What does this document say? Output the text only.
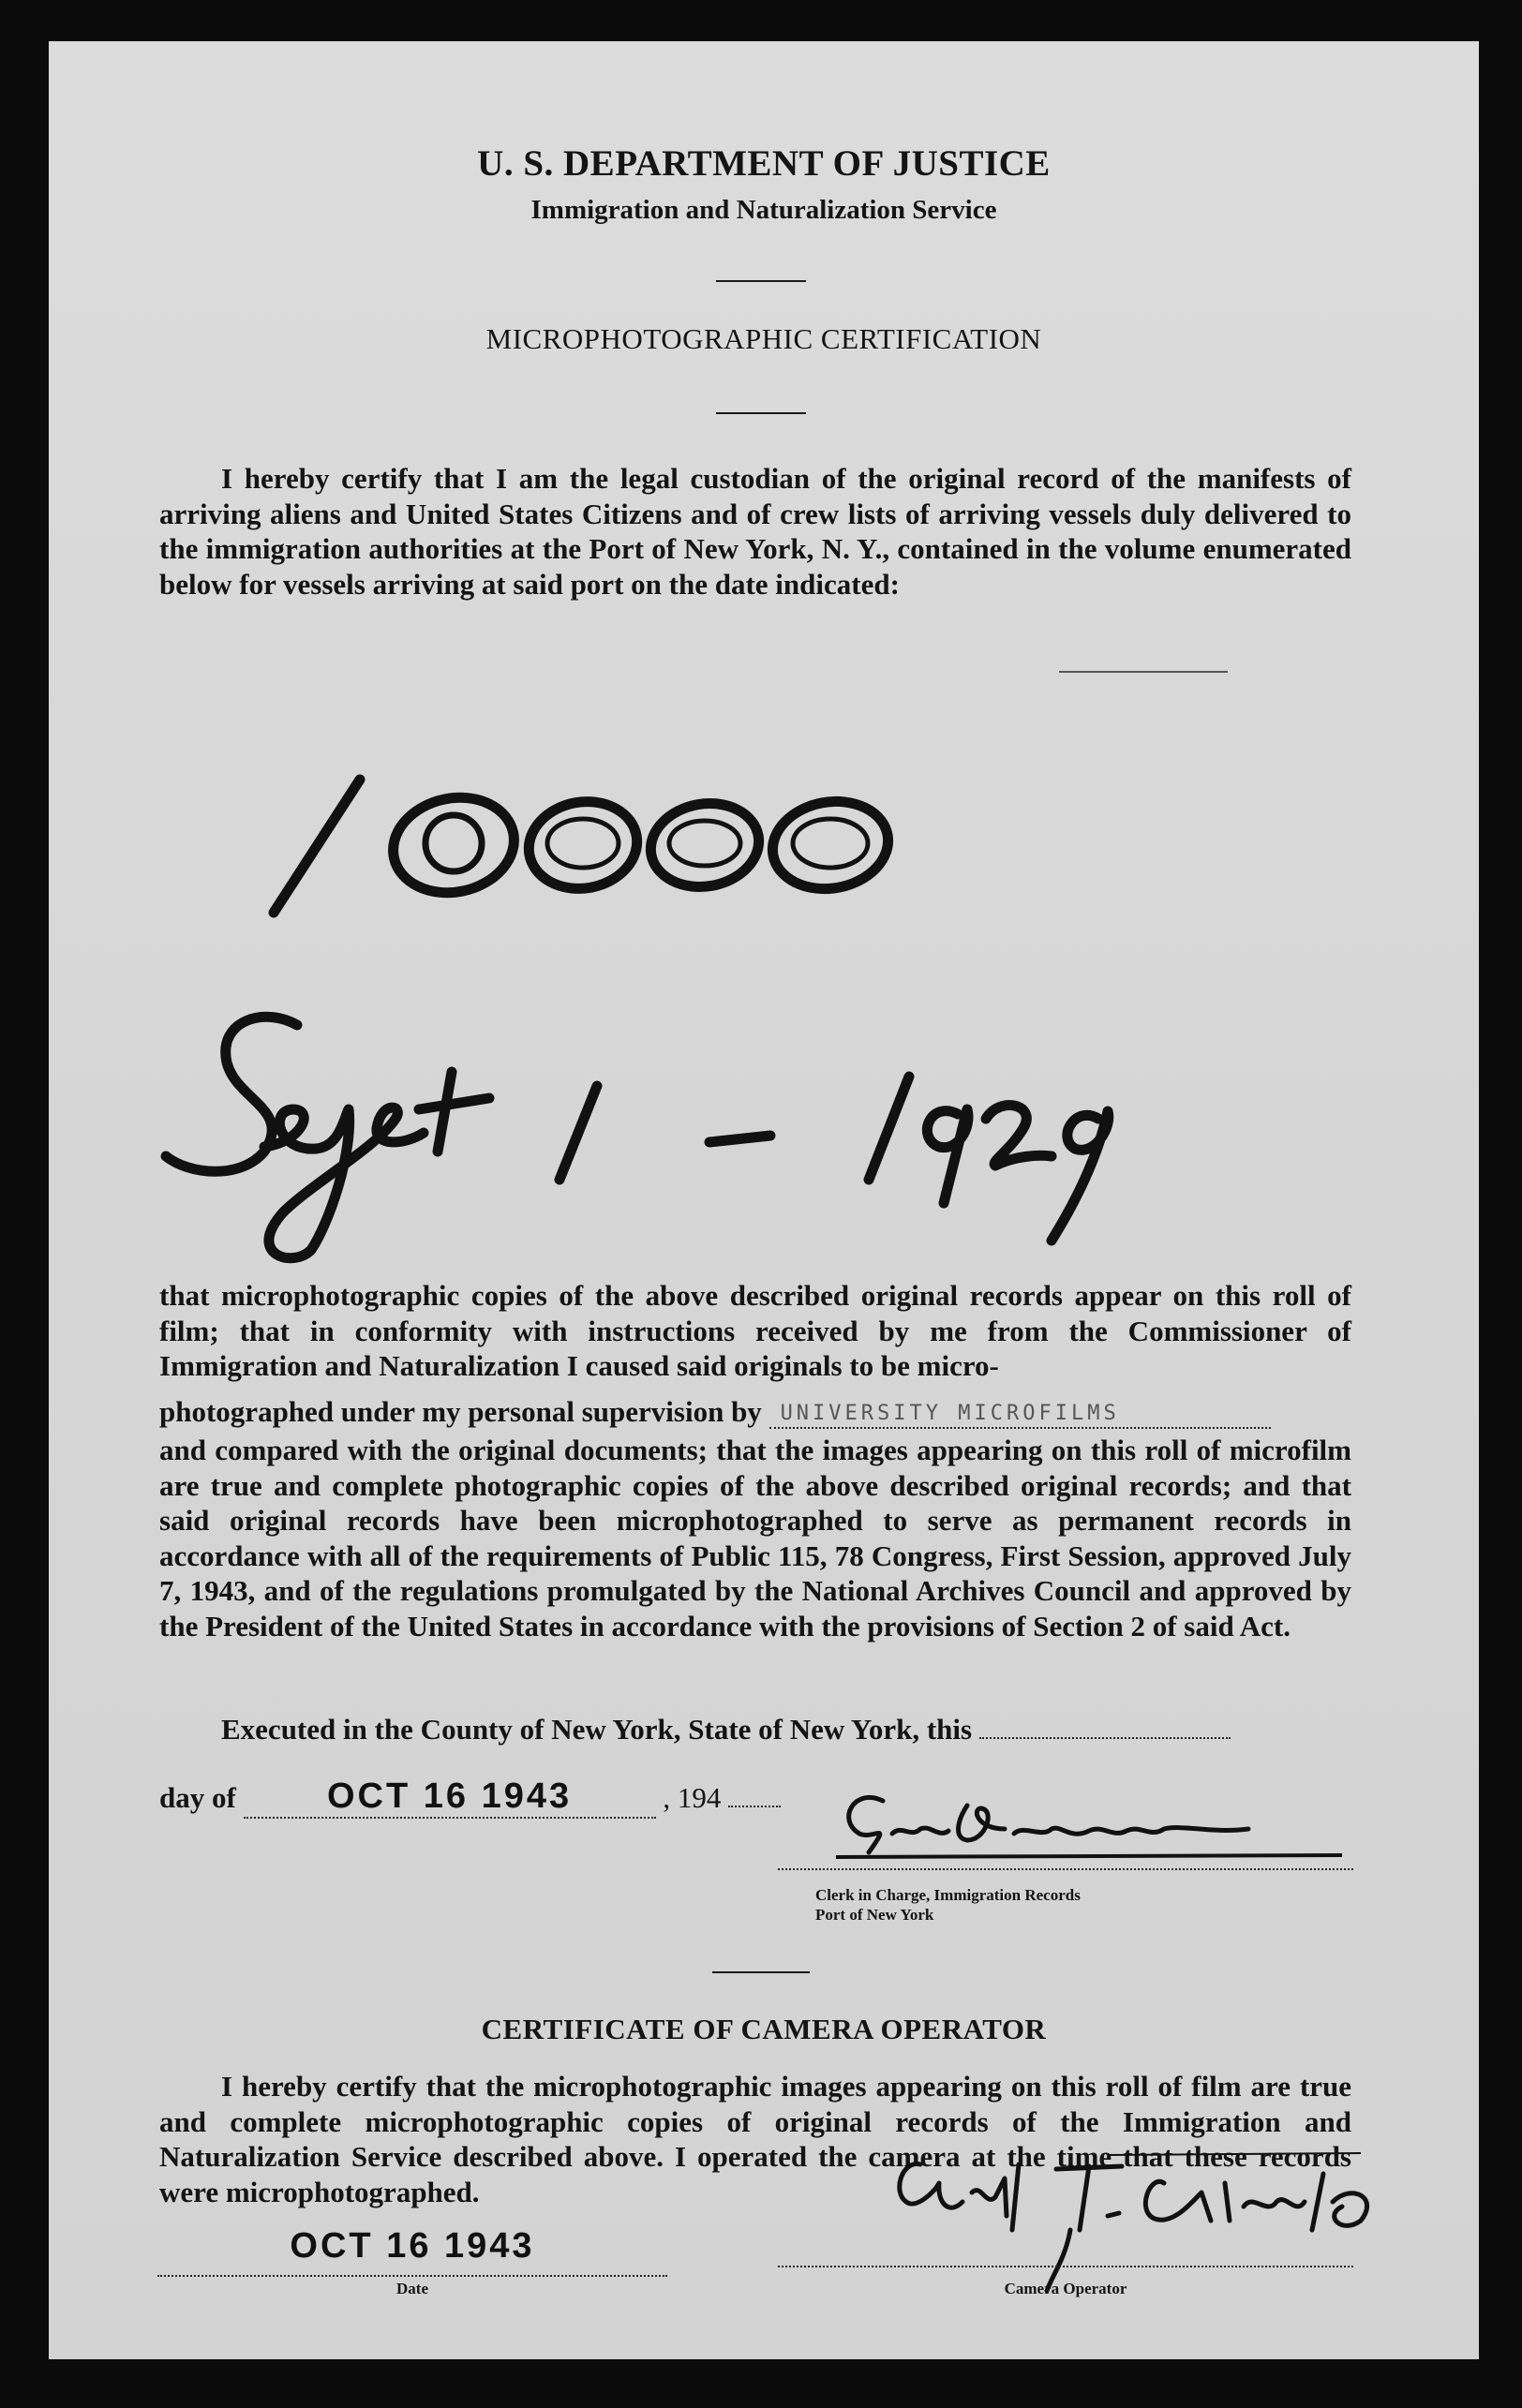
U. S. DEPARTMENT OF JUSTICE
Immigration and Naturalization Service
MICROPHOTOGRAPHIC CERTIFICATION

I hereby certify that I am the legal custodian of the original record of the manifests of arriving aliens and United States Citizens and of crew lists of arriving vessels duly delivered to the immigration authorities at the Port of New York, N. Y., contained in the volume enumerated below for vessels arriving at said port on the date indicated:

that microphotographic copies of the above described original records appear on this roll of film; that in conformity with instructions received by me from the Commissioner of Immigration and Naturalization I caused said originals to be micro-

photographed under my personal supervision by UNIVERSITY MICROFILMS

and compared with the original documents; that the images appearing on this roll of microfilm are true and complete photographic copies of the above described original records; and that said original records have been microphotographed to serve as permanent records in accordance with all of the requirements of Public 115, 78 Congress, First Session, approved July 7, 1943, and of the regulations promulgated by the National Archives Council and approved by the President of the United States in accordance with the provisions of Section 2 of said Act.

Executed in the County of New York, State of New York, this
day of	OCT 16 1943	, 194
Clerk in Charge, Immigration Records
Port of New York
CERTIFICATE OF CAMERA OPERATOR

I hereby certify that the microphotographic images appearing on this roll of film are true and complete microphotographic copies of original records of the Immigration and Naturalization Service described above. I operated the camera at the time that these records were microphotographed.

OCT 16 1943
Date	Camera Operator
